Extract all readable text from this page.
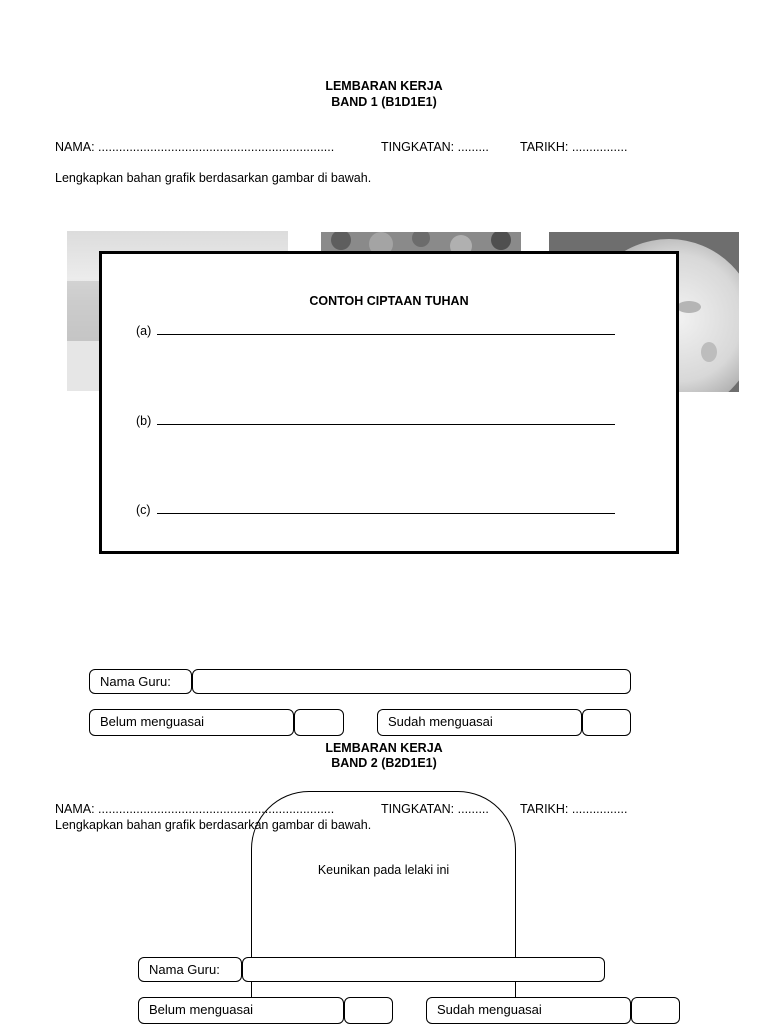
LEMBARAN KERJA
BAND 1 (B1D1E1)
NAMA: ....................................................................	TINGKATAN: ......... TARIKH: ................
Lengkapkan bahan grafik berdasarkan gambar di bawah.
CONTOH CIPTAAN TUHAN
(a)
(b)
(c)
Nama Guru:
Belum menguasai	Sudah menguasai
LEMBARAN KERJA
BAND 2 (B2D1E1)
NAMA: ....................................................................	TINGKATAN: ......... TARIKH: ................
Lengkapkan bahan grafik berdasarkan gambar di bawah.
Keunikan pada lelaki ini
Nama Guru:
Belum menguasai	Sudah menguasai
